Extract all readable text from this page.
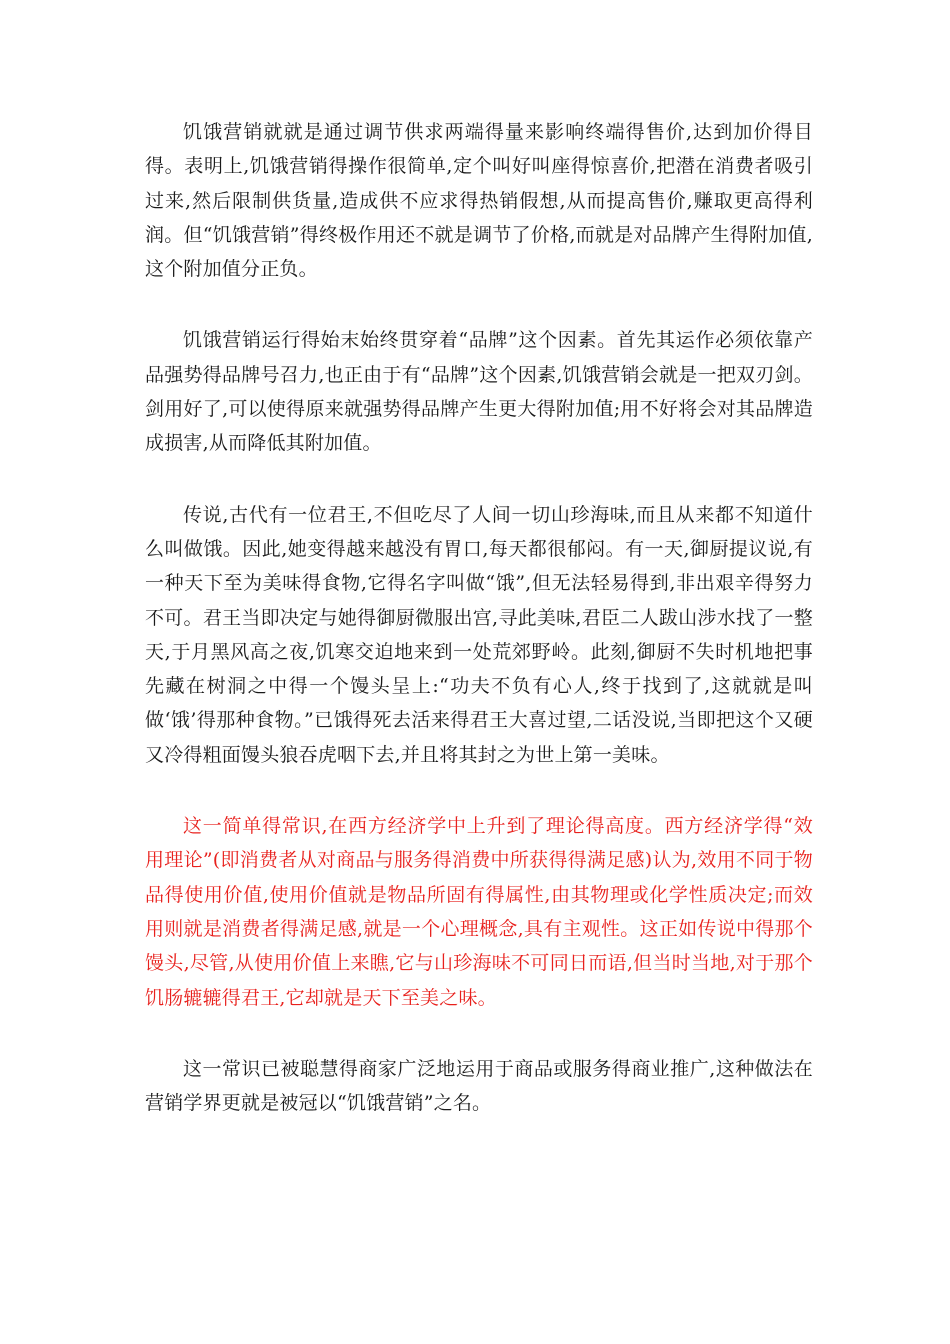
饥饿营销就就是通过调节供求两端得量来影响终端得售价,达到加价得目得。表明上,饥饿营销得操作很简单,定个叫好叫座得惊喜价,把潜在消费者吸引过来,然后限制供货量,造成供不应求得热销假想,从而提高售价,赚取更高得利润。但“饥饿营销”得终极作用还不就是调节了价格,而就是对品牌产生得附加值,这个附加值分正负。

饥饿营销运行得始末始终贯穿着“品牌”这个因素。首先其运作必须依靠产品强势得品牌号召力,也正由于有“品牌”这个因素,饥饿营销会就是一把双刃剑。剑用好了,可以使得原来就强势得品牌产生更大得附加值;用不好将会对其品牌造成损害,从而降低其附加值。

传说,古代有一位君王,不但吃尽了人间一切山珍海味,而且从来都不知道什么叫做饿。因此,她变得越来越没有胃口,每天都很郁闷。有一天,御厨提议说,有一种天下至为美味得食物,它得名字叫做“饿”,但无法轻易得到,非出艰辛得努力不可。君王当即决定与她得御厨微服出宫,寻此美味,君臣二人跋山涉水找了一整天,于月黑风高之夜,饥寒交迫地来到一处荒郊野岭。此刻,御厨不失时机地把事先藏在树洞之中得一个馒头呈上:“功夫不负有心人,终于找到了,这就就是叫做‘饿’得那种食物。”已饿得死去活来得君王大喜过望,二话没说,当即把这个又硬又冷得粗面馒头狼吞虎咽下去,并且将其封之为世上第一美味。

这一简单得常识,在西方经济学中上升到了理论得高度。西方经济学得“效用理论”(即消费者从对商品与服务得消费中所获得得满足感)认为,效用不同于物品得使用价值,使用价值就是物品所固有得属性,由其物理或化学性质决定;而效用则就是消费者得满足感,就是一个心理概念,具有主观性。这正如传说中得那个馒头,尽管,从使用价值上来瞧,它与山珍海味不可同日而语,但当时当地,对于那个饥肠辘辘得君王,它却就是天下至美之味。

这一常识已被聪慧得商家广泛地运用于商品或服务得商业推广,这种做法在营销学界更就是被冠以“饥饿营销”之名。
